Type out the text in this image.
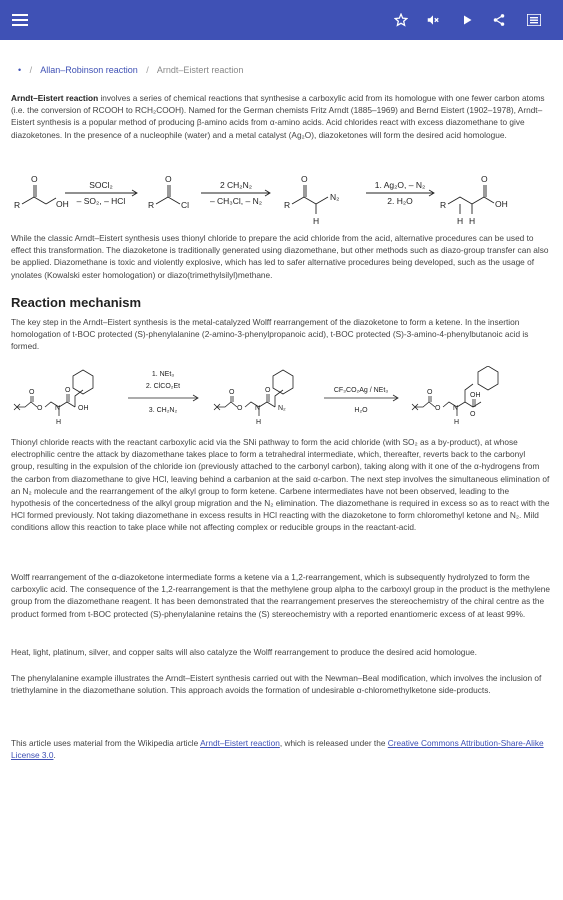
• / Allan–Robinson reaction / Arndt–Eistert reaction
Arndt–Eistert reaction involves a series of chemical reactions that synthesise a carboxylic acid from its homologue with one fewer carbon atoms (i.e. the conversion of RCOOH to RCH₂COOH). Named for the German chemists Fritz Arndt (1885–1969) and Bernd Eistert (1902–1978), Arndt–Eistert synthesis is a popular method of producing β-amino acids from α-amino acids. Acid chlorides react with excess diazomethane to give diazoketones. In the presence of a nucleophile (water) and a metal catalyst (Ag₂O), diazoketones will form the desired acid homologue.
R
O
OH
SOCl₂
– SO₂, – HCl	R
O
Cl
2 CH₂N₂
– CH₃Cl, – N₂	R
O
N₂
H
1. Ag₂O, – N₂
2. H₂O	R
H H
O
OH
While the classic Arndt–Eistert synthesis uses thionyl chloride to prepare the acid chloride from the acid, alternative procedures can be used to effect this transformation. The diazoketone is traditionally generated using diazomethane, but other methods such as diazo-group transfer can also be applied. Diazomethane is toxic and violently explosive, which has led to safer alternative procedures being developed, such as the usage of ynolates (Kowalski ester homologation) or diazo(trimethylsilyl)methane.
Reaction mechanism
The key step in the Arndt–Eistert synthesis is the metal-catalyzed Wolff rearrangement of the diazoketone to form a ketene. In the insertion homologation of t-BOC protected (S)-phenylalanine (2-amino-3-phenylpropanoic acid), t-BOC protected (S)-3-amino-4-phenylbutanoic acid is formed.
O
O N
H
O
OH
1. NEt₃
2. ClCO₂Et
3. CH₂N₂
O
O N
H
O
N₂
CF₃CO₂Ag / NEt₃
H₂O
O
O N
H
OH
O
Thionyl chloride reacts with the reactant carboxylic acid via the SNi pathway to form the acid chloride (with SO₂ as a by-product), at whose electrophilic centre the attack by diazomethane takes place to form a tetrahedral intermediate, which, thereafter, reverts back to the carbonyl group, resulting in the expulsion of the chloride ion (previously attached to the carbonyl carbon), taking along with it one of the α-hydrogens from the carbon from diazomethane to give HCl, leaving behind a carbanion at the said α-carbon. The next step involves the simultaneous elimination of an N₂ molecule and the rearrangement of the alkyl group to form ketene. Carbene intermediates have not been observed, leading to the hypothesis of the concertedness of the alkyl group migration and the N₂ elimination. The diazomethane is required in excess so as to react with the HCl formed previously. Not taking diazomethane in excess results in HCl reacting with the diazoketone to form chloromethyl ketone and N₂. Mild conditions allow this reaction to take place while not affecting complex or reducible groups in the reactant-acid.
Wolff rearrangement of the α-diazoketone intermediate forms a ketene via a 1,2-rearrangement, which is subsequently hydrolyzed to form the carboxylic acid. The consequence of the 1,2-rearrangement is that the methylene group alpha to the carboxyl group in the product is the methylene group from the diazomethane reagent. It has been demonstrated that the rearrangement preserves the stereochemistry of the chiral centre as the product formed from t-BOC protected (S)-phenylalanine retains the (S) stereochemistry with a reported enantiomeric excess of at least 99%.
Heat, light, platinum, silver, and copper salts will also catalyze the Wolff rearrangement to produce the desired acid homologue.
The phenylalanine example illustrates the Arndt–Eistert synthesis carried out with the Newman–Beal modification, which involves the inclusion of triethylamine in the diazomethane solution. This approach avoids the formation of undesirable α-chloromethylketone side-products.
This article uses material from the Wikipedia article Arndt–Eistert reaction, which is released under the Creative Commons Attribution-Share-Alike License 3.0.
